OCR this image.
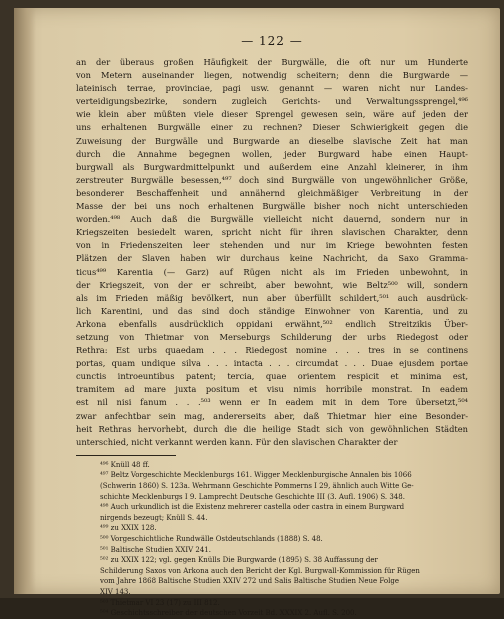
— 122 —
an der überaus großen Häufigkeit der Burgwälle, die oft nur um Hunderte
von Metern auseinander liegen, notwendig scheitern; denn die Burgwarde —
lateinisch terrae, provinciae, pagi usw. genannt — waren nicht nur Landes-
verteidigungsbezirke, sondern zugleich Gerichts- und Verwaltungssprengel,⁴⁹⁶
wie klein aber müßten viele dieser Sprengel gewesen sein, wäre auf jeden der
uns erhaltenen Burgwälle einer zu rechnen? Dieser Schwierigkeit gegen die
Zuweisung der Burgwälle und Burgwarde an dieselbe slavische Zeit hat man
durch die Annahme begegnen wollen, jeder Burgward habe einen Haupt-
burgwall als Burgwardmittelpunkt und außerdem eine Anzahl kleinerer, in ihm
zerstreuter Burgwälle besessen,⁴⁹⁷ doch sind Burgwälle von ungewöhnlicher Größe,
besonderer Beschaffenheit und annähernd gleichmäßiger Verbreitung in der
Masse der bei uns noch erhaltenen Burgwälle bisher noch nicht unterschieden
worden.⁴⁹⁸ Auch daß die Burgwälle vielleicht nicht dauernd, sondern nur in
Kriegszeiten besiedelt waren, spricht nicht für ihren slavischen Charakter, denn
von in Friedenszeiten leer stehenden und nur im Kriege bewohnten festen
Plätzen der Slaven haben wir durchaus keine Nachricht, da Saxo Gramma-
ticus⁴⁹⁹ Karentia (— Garz) auf Rügen nicht als im Frieden unbewohnt, in
der Kriegszeit, von der er schreibt, aber bewohnt, wie Beltz⁵⁰⁰ will, sondern
als im Frieden mäßig bevölkert, nun aber überfüllt schildert,⁵⁰¹ auch ausdrück-
lich Karentini, und das sind doch ständige Einwohner von Karentia, und zu
Arkona ebenfalls ausdrücklich oppidani erwähnt,⁵⁰² endlich Streitzikis Über-
setzung von Thietmar von Merseburgs Schilderung der urbs Riedegost oder
Rethra: Est urbs quaedam . . . Riedegost nomine . . . tres in se continens
portas, quam undique silva . . . intacta . . . circumdat . . . Duae ejusdem portae
cunctis introeuntibus patent; tercia, quae orientem respicit et minima est,
tramitem ad mare juxta positum et visu nimis horribile monstrat. In eadem
est nil nisi fanum . . .⁵⁰³ wenn er In eadem mit in dem Tore übersetzt,⁵⁰⁴
zwar anfechtbar sein mag, andererseits aber, daß Thietmar hier eine Besonder-
heit Rethras hervorhebt, durch die die heilige Stadt sich von gewöhnlichen Städten
unterschied, nicht verkannt werden kann. Für den slavischen Charakter der
⁴⁹⁶ Knüll 48 ff.
⁴⁹⁷ Beltz Vorgeschichte Mecklenburgs 161. Wigger Mecklenburgische Annalen bis 1066
(Schwerin 1860) S. 123a. Wehrmann Geschichte Pommerns I 29, ähnlich auch Witte Ge-
schichte Mecklenburgs I 9. Lamprecht Deutsche Geschichte III (3. Aufl. 1906) S. 348.
⁴⁹⁸ Auch urkundlich ist die Existenz mehrerer castella oder castra in einem Burgward
nirgends bezeugt; Knüll S. 44.
⁴⁹⁹ zu XXIX 128.
⁵⁰⁰ Vorgeschichtliche Rundwälle Ostdeutschlands (1888) S. 48.
⁵⁰¹ Baltische Studien XXIV 241.
⁵⁰² zu XXIX 122; vgl. gegen Knülls Die Burgwarde (1895) S. 38 Auffassung der
Schilderung Saxos von Arkona auch den Bericht der Kgl. Burgwall-Kommission für Rügen
vom Jahre 1868 Baltische Studien XXIV 272 und Salis Baltische Studien Neue Folge
XIV 143.
⁵⁰³ Thietmar VI 23 (17) zu III 812.
⁵⁰⁴ Geschichtsschreiber der deutschen Vorzeit Bd. XXXIX 2. Aufl. S. 200.
